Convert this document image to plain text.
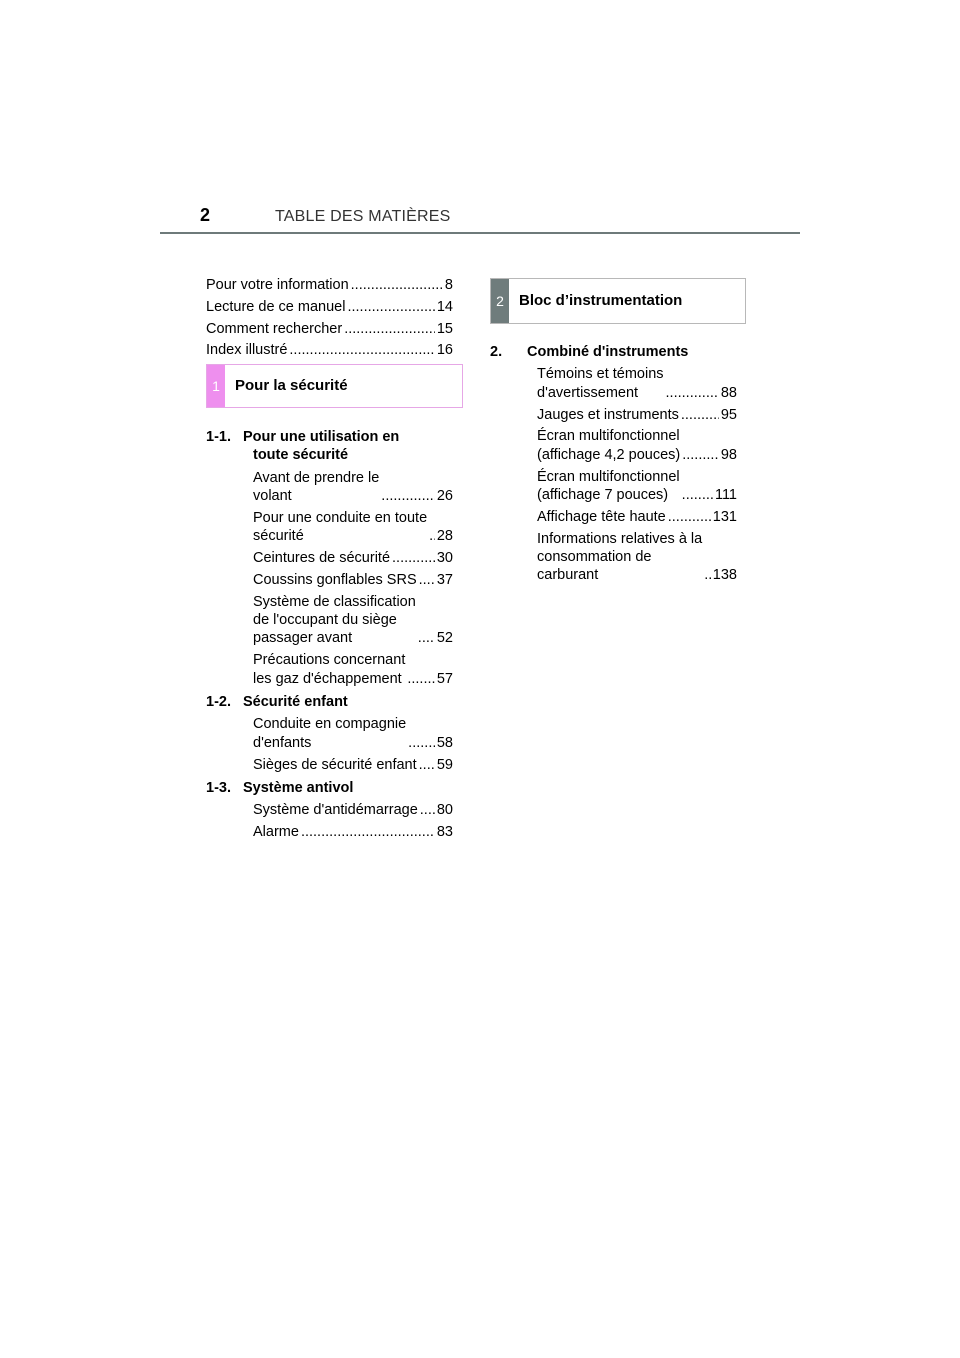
2	TABLE DES MATIÈRES
Pour votre information .....	8
Lecture de ce manuel .....	14
Comment rechercher .....	15
Index illustré .....	16
1	Pour la sécurité
1-1. Pour une utilisation en
toute sécurité
Avant de prendre le
volant .....	26
Pour une conduite en toute
sécurité .....	28
Ceintures de sécurité .....	30
Coussins gonflables SRS ..... 37
Système de classification
de l'occupant du siège
passager avant .....	52
Précautions concernant
les gaz d'échappement ..... 57
1-2. Sécurité enfant
Conduite en compagnie
d'enfants .....	58
Sièges de sécurité enfant ..... 59
1-3. Système antivol
Système d'antidémarrage ..... 80
Alarme .....	83
2	Bloc d’instrumentation
2.	Combiné d'instruments
Témoins et témoins
d'avertissement .....	88
Jauges et instruments .....	95
Écran multifonctionnel
(affichage 4,2 pouces) .....	98
Écran multifonctionnel
(affichage 7 pouces) .....	111
Affichage tête haute .....	131
Informations relatives à la
consommation de
carburant .....	138
